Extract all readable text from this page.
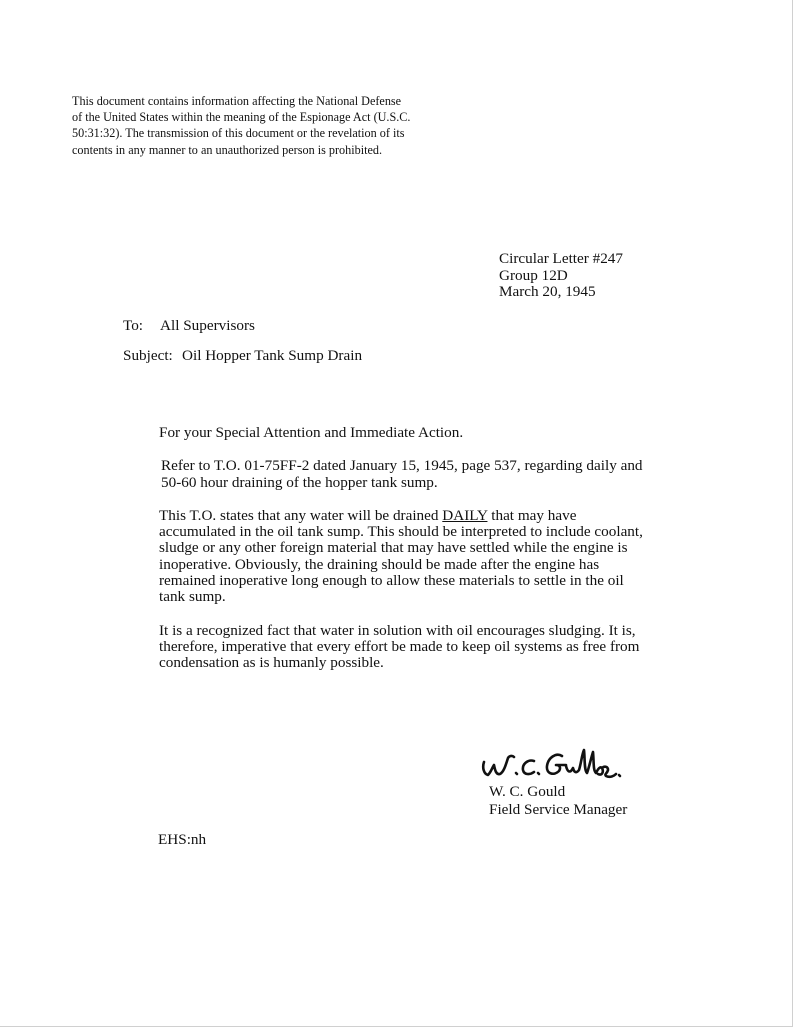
This document contains information affecting the National Defense of the United States within the meaning of the Espionage Act (U.S.C. 50:31:32). The transmission of this document or the revelation of its contents in any manner to an unauthorized person is prohibited.

Circular Letter #247
Group 12D
March 20, 1945
To: All Supervisors
Subject: Oil Hopper Tank Sump Drain

For your Special Attention and Immediate Action.

Refer to T.O. 01-75FF-2 dated January 15, 1945, page 537, regarding daily and 50-60 hour draining of the hopper tank sump.

This T.O. states that any water will be drained DAILY that may have accumulated in the oil tank sump. This should be interpreted to include coolant, sludge or any other foreign material that may have settled while the engine is inoperative. Obviously, the draining should be made after the engine has remained inoperative long enough to allow these materials to settle in the oil tank sump.

It is a recognized fact that water in solution with oil encourages sludging. It is, therefore, imperative that every effort be made to keep oil systems as free from condensation as is humanly possible.

W. C. Gould
Field Service Manager
EHS:nh
